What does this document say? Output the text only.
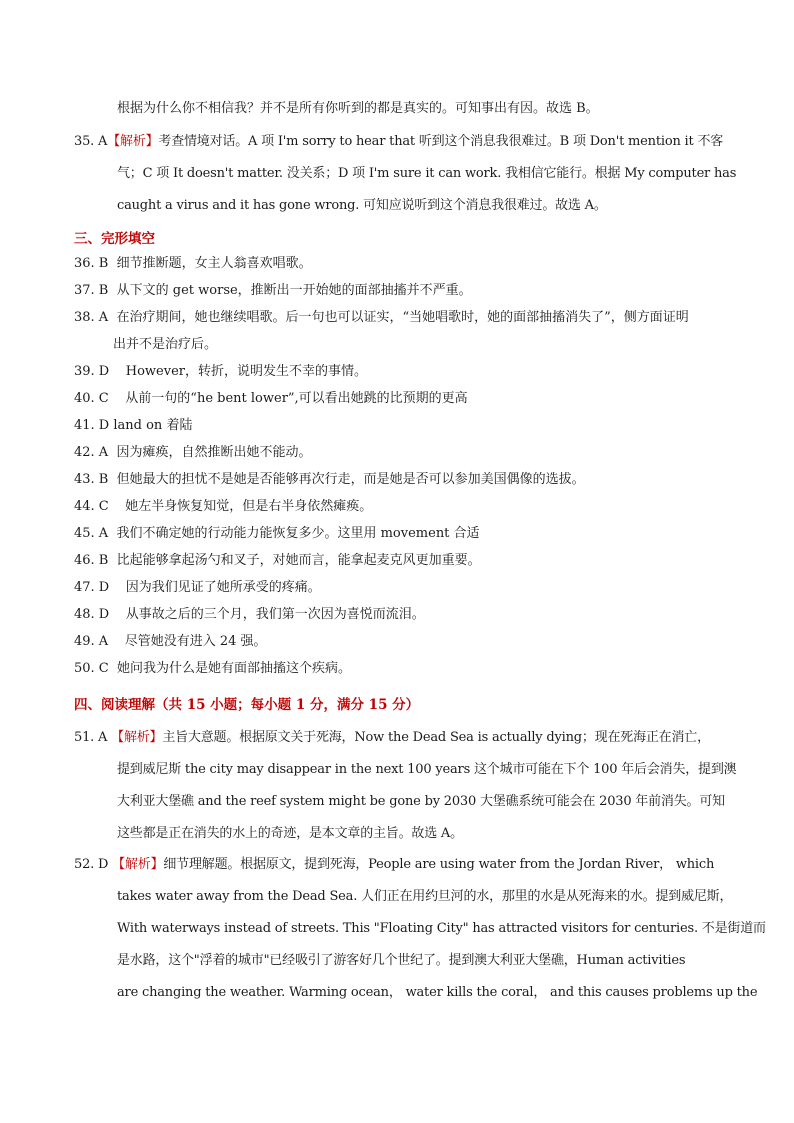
根据为什么你不相信我？并不是所有你听到的都是真实的。可知事出有因。故选 B。
35. A【解析】考查情境对话。A 项 I'm sorry to hear that 听到这个消息我很难过。B 项 Don't mention it 不客
气；C 项 It doesn't matter. 没关系；D 项 I'm sure it can work. 我相信它能行。根据 My computer has
caught a virus and it has gone wrong. 可知应说听到这个消息我很难过。故选 A。
三、完形填空
36. B 细节推断题，女主人翁喜欢唱歌。
37. B 从下文的 get worse，推断出一开始她的面部抽搐并不严重。
38. A 在治疗期间，她也继续唱歌。后一句也可以证实，“当她唱歌时，她的面部抽搐消失了”，侧方面证明
出并不是治疗后。
39. D However，转折，说明发生不幸的事情。
40. C 从前一句的“he bent lower”,可以看出她跳的比预期的更高
41. D land on 着陆
42. A 因为瘫痪，自然推断出她不能动。
43. B 但她最大的担忧不是她是否能够再次行走，而是她是否可以参加美国偶像的选拔。
44. C 她左半身恢复知觉，但是右半身依然瘫痪。
45. A 我们不确定她的行动能力能恢复多少。这里用 movement 合适
46. B 比起能够拿起汤勺和叉子，对她而言，能拿起麦克风更加重要。
47. D 因为我们见证了她所承受的疼痛。
48. D 从事故之后的三个月，我们第一次因为喜悦而流泪。
49. A 尽管她没有进入 24 强。
50. C 她问我为什么是她有面部抽搐这个疾病。
四、阅读理解（共 15 小题；每小题 1 分，满分 15 分）
51. A 【解析】主旨大意题。根据原文关于死海，Now the Dead Sea is actually dying；现在死海正在消亡，
提到威尼斯 the city may disappear in the next 100 years 这个城市可能在下个 100 年后会消失，提到澳
大利亚大堡礁 and the reef system might be gone by 2030 大堡礁系统可能会在 2030 年前消失。可知
这些都是正在消失的水上的奇迹，是本文章的主旨。故选 A。
52. D 【解析】细节理解题。根据原文，提到死海，People are using water from the Jordan River， which
takes water away from the Dead Sea. 人们正在用约旦河的水，那里的水是从死海来的水。提到威尼斯，
With waterways instead of streets. This "Floating City" has attracted visitors for centuries. 不是街道而
是水路，这个"浮着的城市"已经吸引了游客好几个世纪了。提到澳大利亚大堡礁，Human activities
are changing the weather. Warming ocean， water kills the coral， and this causes problems up the
